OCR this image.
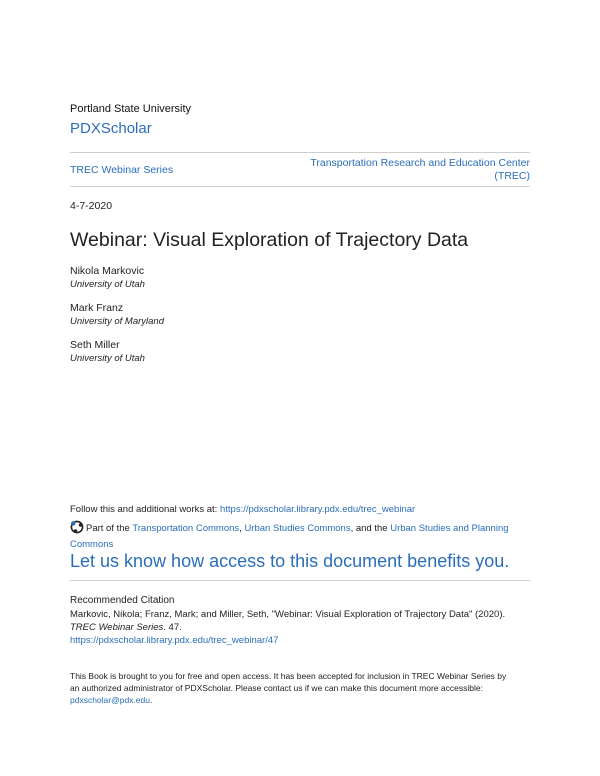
Portland State University
PDXScholar
TREC Webinar Series
Transportation Research and Education Center
(TREC)
4-7-2020
Webinar: Visual Exploration of Trajectory Data
Nikola Markovic
University of Utah
Mark Franz
University of Maryland
Seth Miller
University of Utah
Follow this and additional works at: https://pdxscholar.library.pdx.edu/trec_webinar
Part of the Transportation Commons, Urban Studies Commons, and the Urban Studies and Planning
Commons
Let us know how access to this document benefits you.
Recommended Citation
Markovic, Nikola; Franz, Mark; and Miller, Seth, "Webinar: Visual Exploration of Trajectory Data" (2020).
TREC Webinar Series. 47.
https://pdxscholar.library.pdx.edu/trec_webinar/47
This Book is brought to you for free and open access. It has been accepted for inclusion in TREC Webinar Series by
an authorized administrator of PDXScholar. Please contact us if we can make this document more accessible:
pdxscholar@pdx.edu.
